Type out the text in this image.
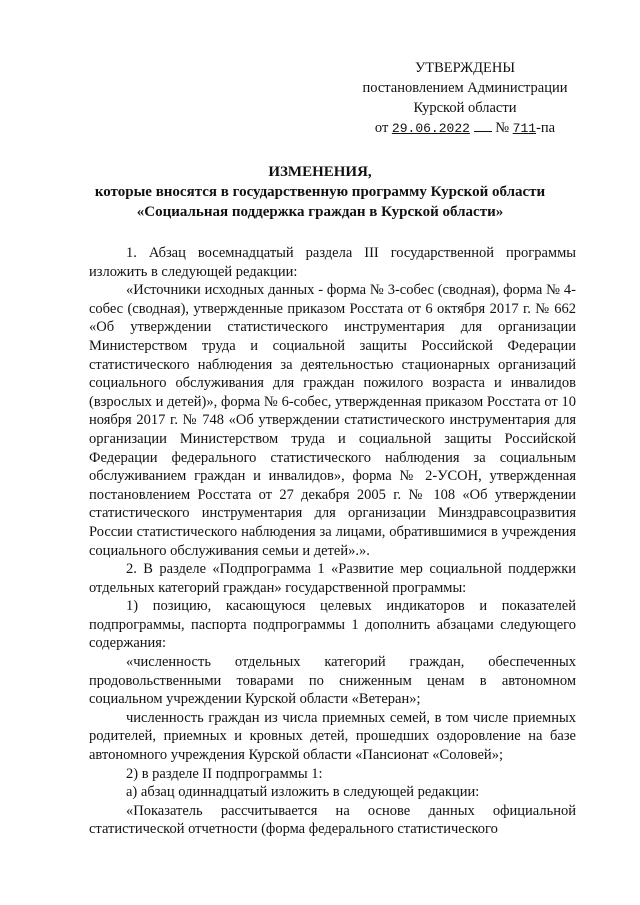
УТВЕРЖДЕНЫ
постановлением Администрации
Курской области
от 29.06.2022 № 711-па
ИЗМЕНЕНИЯ,
которые вносятся в государственную программу Курской области
«Социальная поддержка граждан в Курской области»

1. Абзац восемнадцатый раздела III государственной программы изложить в следующей редакции:

«Источники исходных данных - форма № 3-собес (сводная), форма № 4-собес (сводная), утвержденные приказом Росстата от 6 октября 2017 г. № 662 «Об утверждении статистического инструментария для организации Министерством труда и социальной защиты Российской Федерации статистического наблюдения за деятельностью стационарных организаций социального обслуживания для граждан пожилого возраста и инвалидов (взрослых и детей)», форма № 6-собес, утвержденная приказом Росстата от 10 ноября 2017 г. № 748 «Об утверждении статистического инструментария для организации Министерством труда и социальной защиты Российской Федерации федерального статистического наблюдения за социальным обслуживанием граждан и инвалидов», форма № 2-УСОН, утвержденная постановлением Росстата от 27 декабря 2005 г. № 108 «Об утверждении статистического инструментария для организации Минздравсоцразвития России статистического наблюдения за лицами, обратившимися в учреждения социального обслуживания семьи и детей».».

2. В разделе «Подпрограмма 1 «Развитие мер социальной поддержки отдельных категорий граждан» государственной программы:

1) позицию, касающуюся целевых индикаторов и показателей подпрограммы, паспорта подпрограммы 1 дополнить абзацами следующего содержания:

«численность отдельных категорий граждан, обеспеченных продовольственными товарами по сниженным ценам в автономном социальном учреждении Курской области «Ветеран»;

численность граждан из числа приемных семей, в том числе приемных родителей, приемных и кровных детей, прошедших оздоровление на базе автономного учреждения Курской области «Пансионат «Соловей»;

2) в разделе II подпрограммы 1:

а) абзац одиннадцатый изложить в следующей редакции:

«Показатель рассчитывается на основе данных официальной статистической отчетности (форма федерального статистического
